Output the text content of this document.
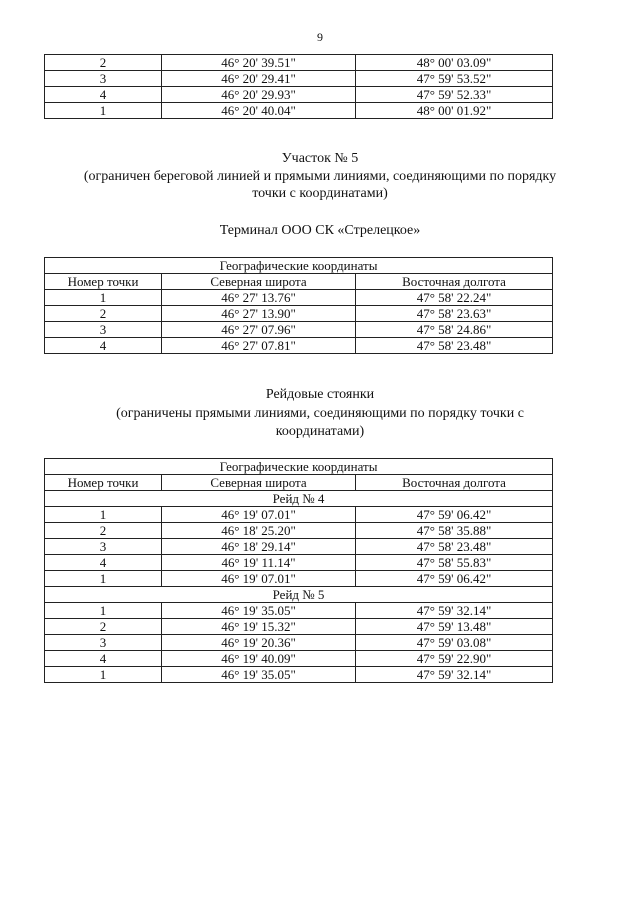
9
2	46° 20' 39.51"	48° 00' 03.09"
3	46° 20' 29.41"	47° 59' 53.52"
4	46° 20' 29.93"	47° 59' 52.33"
1	46° 20' 40.04"	48° 00' 01.92"
Участок № 5
(ограничен береговой линией и прямыми линиями, соединяющими по порядку
точки с координатами)
Терминал ООО СК «Стрелецкое»
Географические координаты		
Номер точки	Северная широта	Восточная долгота
1	46° 27' 13.76"	47° 58' 22.24"
2	46° 27' 13.90"	47° 58' 23.63"
3	46° 27' 07.96"	47° 58' 24.86"
4	46° 27' 07.81"	47° 58' 23.48"
Рейдовые стоянки
(ограничены прямыми линиями, соединяющими по порядку точки с
координатами)
Географические координаты		
Номер точки	Северная широта	Восточная долгота
Рейд № 4		
1	46° 19' 07.01"	47° 59' 06.42"
2	46° 18' 25.20"	47° 58' 35.88"
3	46° 18' 29.14"	47° 58' 23.48"
4	46° 19' 11.14"	47° 58' 55.83"
1	46° 19' 07.01"	47° 59' 06.42"
Рейд № 5		
1	46° 19' 35.05"	47° 59' 32.14"
2	46° 19' 15.32"	47° 59' 13.48"
3	46° 19' 20.36"	47° 59' 03.08"
4	46° 19' 40.09"	47° 59' 22.90"
1	46° 19' 35.05"	47° 59' 32.14"
